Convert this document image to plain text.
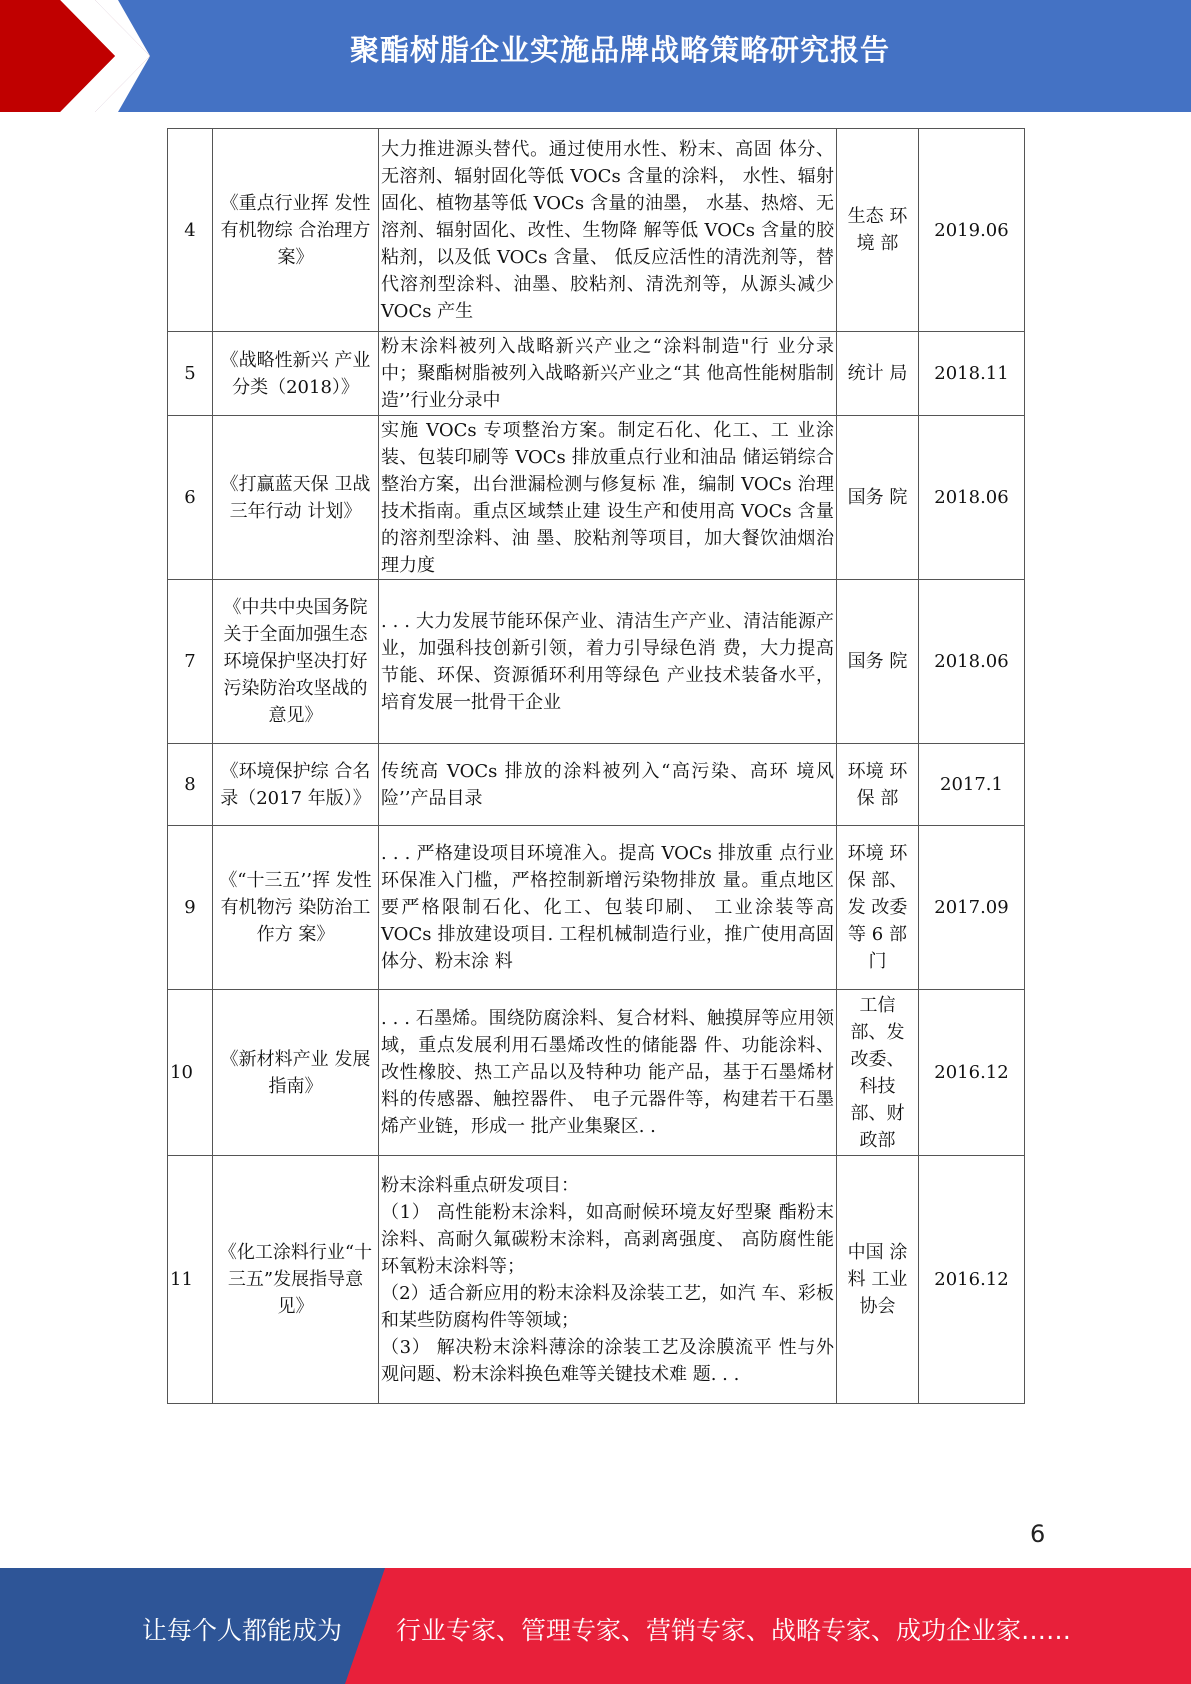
聚酯树脂企业实施品牌战略策略研究报告
4	《重点行业挥 发性有机物综 合治理方案》	大力推进源头替代。通过使用水性、粉末、高固 体分、无溶剂、辐射固化等低 VOCs 含量的涂料， 水性、辐射固化、植物基等低 VOCs 含量的油墨， 水基、热熔、无溶剂、辐射固化、改性、生物降 解等低 VOCs 含量的胶粘剂，以及低 VOCs 含量、 低反应活性的清洗剂等，替代溶剂型涂料、油墨、胶粘剂、清洗剂等，从源头减少 VOCs 产生	生态 环境 部	2019.06
5	《战略性新兴 产业分类（2018）》	粉末涂料被列入战略新兴产业之“涂料制造"行 业分录中；聚酯树脂被列入战略新兴产业之“其 他高性能树脂制造’’行业分录中	统计 局	2018.11
6	《打赢蓝天保 卫战三年行动 计划》	实施 VOCs 专项整治方案。制定石化、化工、工 业涂装、包装印刷等 VOCs 排放重点行业和油品 储运销综合整治方案，出台泄漏检测与修复标 准，编制 VOCs 治理技术指南。重点区域禁止建 设生产和使用高 VOCs 含量的溶剂型涂料、油 墨、胶粘剂等项目，加大餐饮油烟治理力度	国务 院	2018.06
7	《中共中央国务院关于全面加强生态环境保护坚决打好污染防治攻坚战的意见》	. . . 大力发展节能环保产业、清洁生产产业、清洁能源产业，加强科技创新引领，着力引导绿色消 费，大力提高节能、环保、资源循环利用等绿色 产业技术装备水平，培育发展一批骨干企业	国务 院	2018.06
8	《环境保护综 合名录（2017 年版）》	传统高 VOCs 排放的涂料被列入“高污染、高环 境风险’’产品目录	环境 环保 部	2017.1
9	《“十三五’’挥 发性有机物污 染防治工作方 案》	. . . 严格建设项目环境准入。提高 VOCs 排放重 点行业环保准入门槛，严格控制新增污染物排放 量。重点地区要严格限制石化、化工、包装印刷、 工业涂装等高 VOCs 排放建设项目. 工程机械制造行业，推广使用高固体分、粉末涂 料	环境 环 保 部、发 改委 等 6 部 门	2017.09
10	《新材料产业 发展指南》	. . . 石墨烯。围绕防腐涂料、复合材料、触摸屏等应用领域，重点发展利用石墨烯改性的储能器 件、功能涂料、改性橡胶、热工产品以及特种功 能产品，基于石墨烯材料的传感器、触控器件、 电子元器件等，构建若干石墨烯产业链，形成一 批产业集聚区. .	工信 部、发 改委、 科技 部、财 政部	2016.12
11	《化工涂料行业“十三五”发展指导意见》	粉末涂料重点研发项目：
（1） 高性能粉末涂料，如高耐候环境友好型聚 酯粉末涂料、高耐久氟碳粉末涂料，高剥离强度、 高防腐性能环氧粉末涂料等；
（2）适合新应用的粉末涂料及涂装工艺，如汽 车、彩板和某些防腐构件等领域；
（3） 解决粉末涂料薄涂的涂装工艺及涂膜流平 性与外观问题、粉末涂料换色难等关键技术难 题. . .	中国 涂料 工业 协会	2016.12
6
让每个人都能成为 行业专家、管理专家、营销专家、战略专家、成功企业家……
